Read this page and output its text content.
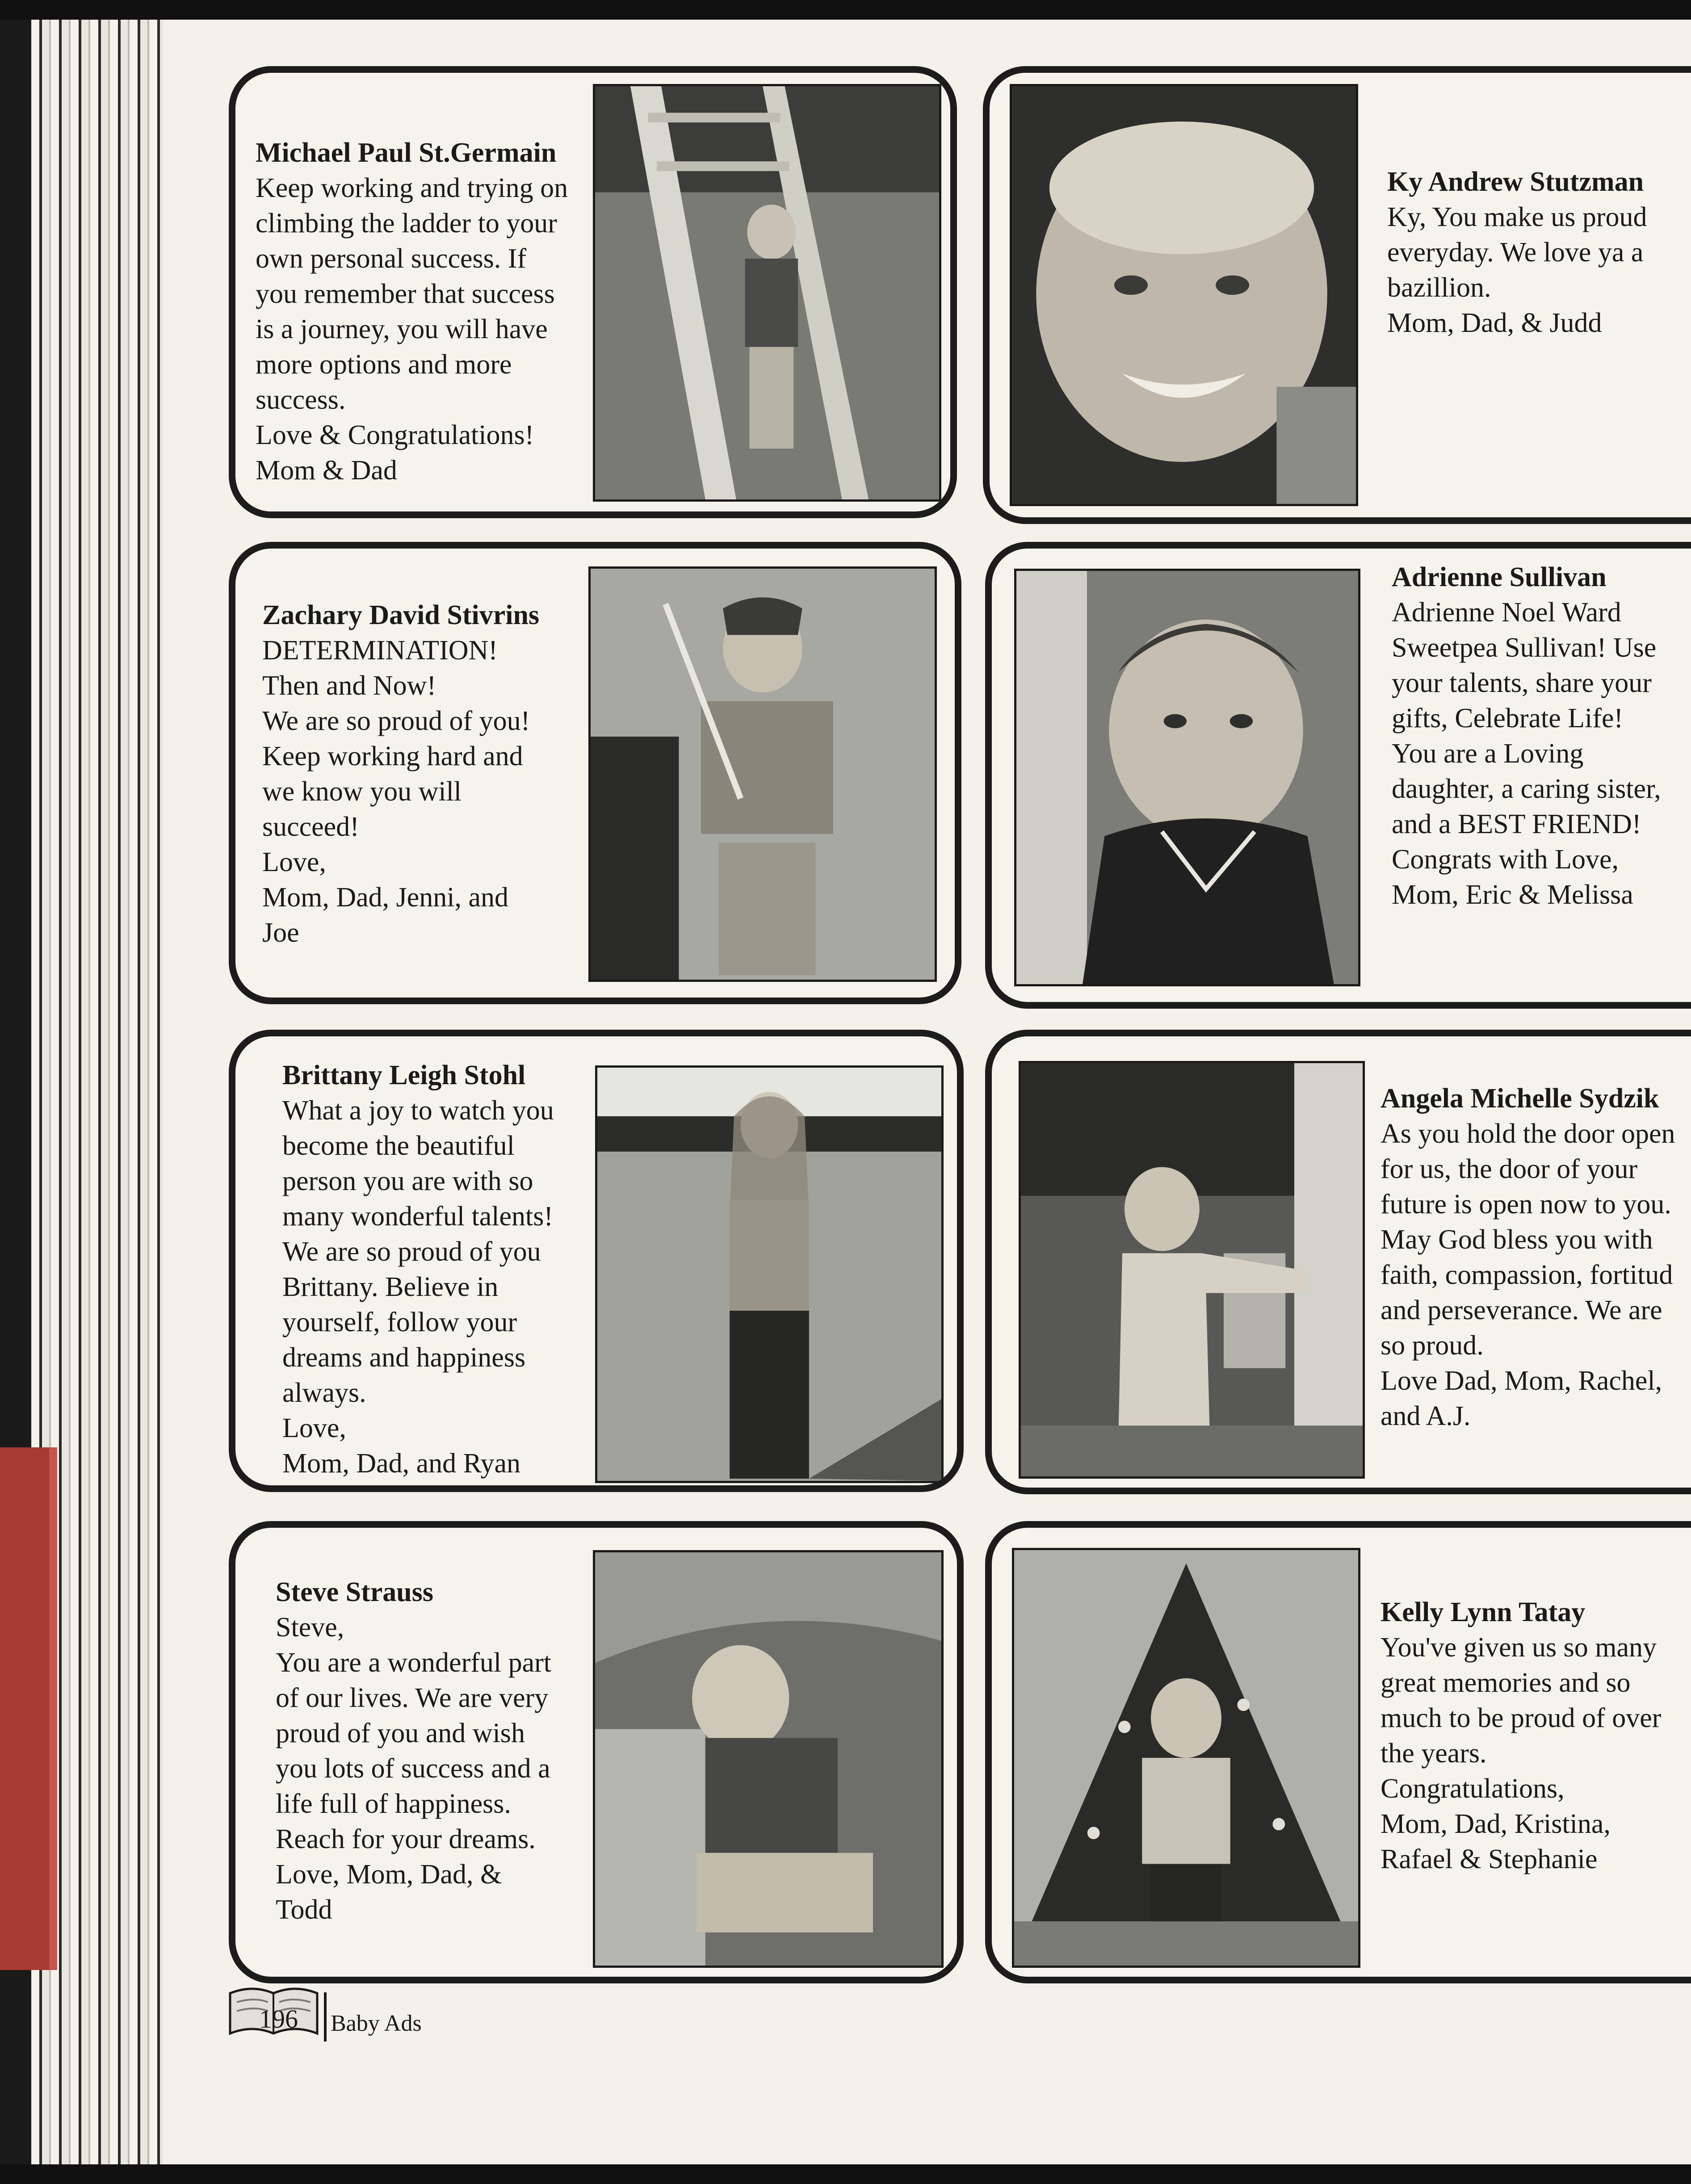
Michael Paul St.Germain
Keep working and trying on
climbing the ladder to your
own personal success. If
you remember that success
is a journey, you will have
more options and more
success.
Love & Congratulations!
Mom & Dad
Ky Andrew Stutzman
Ky, You make us proud
everyday. We love ya a
bazillion.
Mom, Dad, & Judd
Zachary David Stivrins
DETERMINATION!
Then and Now!
We are so proud of you!
Keep working hard and
we know you will
succeed!
Love,
Mom, Dad, Jenni, and
Joe
Adrienne Sullivan
Adrienne Noel Ward
Sweetpea Sullivan! Use
your talents, share your
gifts, Celebrate Life!
You are a Loving
daughter, a caring sister,
and a BEST FRIEND!
Congrats with Love,
Mom, Eric & Melissa
Brittany Leigh Stohl
What a joy to watch you
become the beautiful
person you are with so
many wonderful talents!
We are so proud of you
Brittany. Believe in
yourself, follow your
dreams and happiness
always.
Love,
Mom, Dad, and Ryan
Angela Michelle Sydzik
As you hold the door open
for us, the door of your
future is open now to you.
May God bless you with
faith, compassion, fortitud
and perseverance. We are
so proud.
Love Dad, Mom, Rachel,
and A.J.
Steve Strauss
Steve,
You are a wonderful part
of our lives. We are very
proud of you and wish
you lots of success and a
life full of happiness.
Reach for your dreams.
Love, Mom, Dad, &
Todd
Kelly Lynn Tatay
You've given us so many
great memories and so
much to be proud of over
the years.
Congratulations,
Mom, Dad, Kristina,
Rafael & Stephanie
196 Baby Ads
